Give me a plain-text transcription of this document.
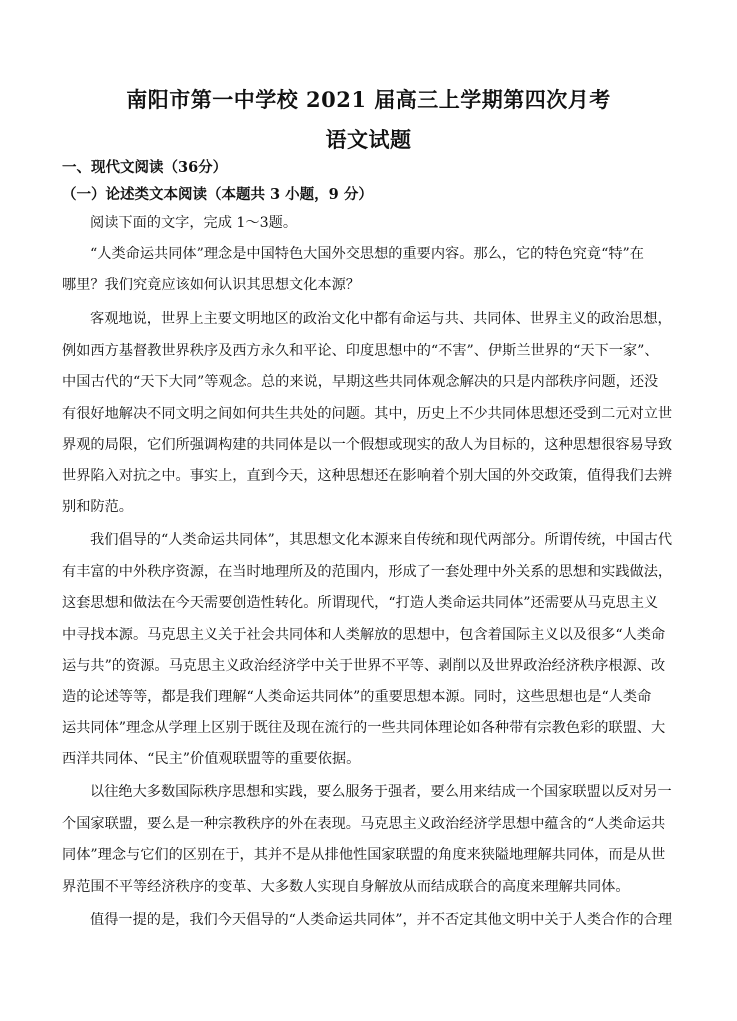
南阳市第一中学校 2021 届高三上学期第四次月考
语文试题
一、现代文阅读（36分）
（一）论述类文本阅读（本题共 3 小题，9 分）
阅读下面的文字，完成 1～3题。
“人类命运共同体”理念是中国特色大国外交思想的重要内容。那么，它的特色究竟“特”在
哪里？我们究竟应该如何认识其思想文化本源？
客观地说，世界上主要文明地区的政治文化中都有命运与共、共同体、世界主义的政治思想，
例如西方基督教世界秩序及西方永久和平论、印度思想中的“不害”、伊斯兰世界的“天下一家”、
中国古代的“天下大同”等观念。总的来说，早期这些共同体观念解决的只是内部秩序问题，还没
有很好地解决不同文明之间如何共生共处的问题。其中，历史上不少共同体思想还受到二元对立世
界观的局限，它们所强调构建的共同体是以一个假想或现实的敌人为目标的，这种思想很容易导致
世界陷入对抗之中。事实上，直到今天，这种思想还在影响着个别大国的外交政策，值得我们去辨
别和防范。
我们倡导的“人类命运共同体”，其思想文化本源来自传统和现代两部分。所谓传统，中国古代
有丰富的中外秩序资源，在当时地理所及的范围内，形成了一套处理中外关系的思想和实践做法，
这套思想和做法在今天需要创造性转化。所谓现代，“打造人类命运共同体”还需要从马克思主义
中寻找本源。马克思主义关于社会共同体和人类解放的思想中，包含着国际主义以及很多“人类命
运与共”的资源。马克思主义政治经济学中关于世界不平等、剥削以及世界政治经济秩序根源、改
造的论述等等，都是我们理解“人类命运共同体”的重要思想本源。同时，这些思想也是“人类命
运共同体”理念从学理上区别于既往及现在流行的一些共同体理论如各种带有宗教色彩的联盟、大
西洋共同体、“民主”价值观联盟等的重要依据。
以往绝大多数国际秩序思想和实践，要么服务于强者，要么用来结成一个国家联盟以反对另一
个国家联盟，要么是一种宗教秩序的外在表现。马克思主义政治经济学思想中蕴含的“人类命运共
同体”理念与它们的区别在于，其并不是从排他性国家联盟的角度来狭隘地理解共同体，而是从世
界范围不平等经济秩序的变革、大多数人实现自身解放从而结成联合的高度来理解共同体。
值得一提的是，我们今天倡导的“人类命运共同体”，并不否定其他文明中关于人类合作的合理
